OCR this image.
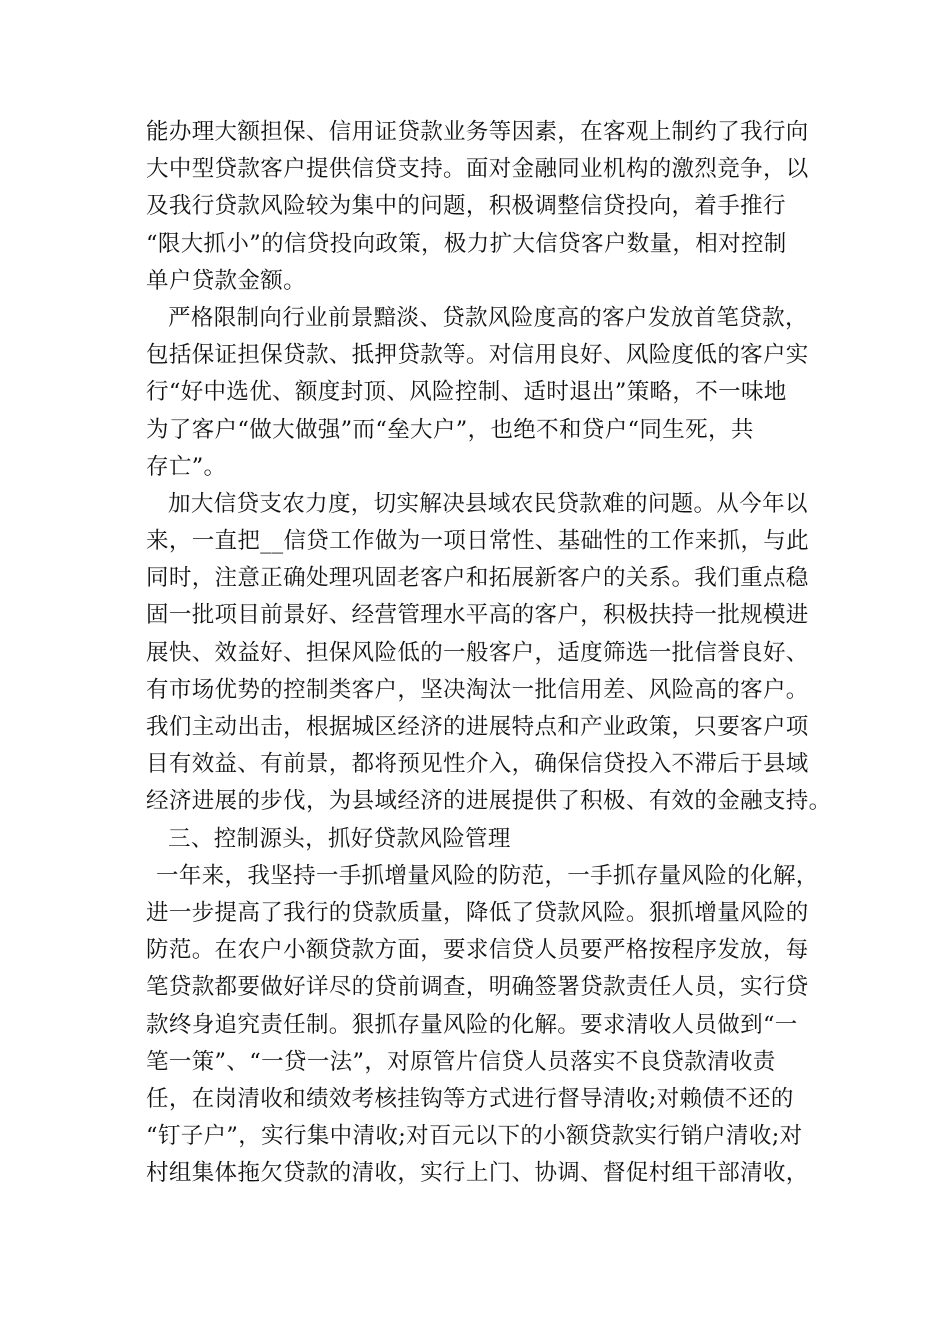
能办理大额担保、信用证贷款业务等因素，在客观上制约了我行向
大中型贷款客户提供信贷支持。面对金融同业机构的激烈竞争，以
及我行贷款风险较为集中的问题，积极调整信贷投向，着手推行
“限大抓小”的信贷投向政策，极力扩大信贷客户数量，相对控制
单户贷款金额。
严格限制向行业前景黯淡、贷款风险度高的客户发放首笔贷款，
包括保证担保贷款、抵押贷款等。对信用良好、风险度低的客户实
行“好中选优、额度封顶、风险控制、适时退出”策略，不一味地
为了客户“做大做强”而“垒大户”，也绝不和贷户“同生死，共
存亡”。
加大信贷支农力度，切实解决县域农民贷款难的问题。从今年以
来，一直把__信贷工作做为一项日常性、基础性的工作来抓，与此
同时，注意正确处理巩固老客户和拓展新客户的关系。我们重点稳
固一批项目前景好、经营管理水平高的客户，积极扶持一批规模进
展快、效益好、担保风险低的一般客户，适度筛选一批信誉良好、
有市场优势的控制类客户，坚决淘汰一批信用差、风险高的客户。
我们主动出击，根据城区经济的进展特点和产业政策，只要客户项
目有效益、有前景，都将预见性介入，确保信贷投入不滞后于县域
经济进展的步伐，为县域经济的进展提供了积极、有效的金融支持。
三、控制源头，抓好贷款风险管理
一年来，我坚持一手抓增量风险的防范，一手抓存量风险的化解，
进一步提高了我行的贷款质量，降低了贷款风险。狠抓增量风险的
防范。在农户小额贷款方面，要求信贷人员要严格按程序发放，每
笔贷款都要做好详尽的贷前调查，明确签署贷款责任人员，实行贷
款终身追究责任制。狠抓存量风险的化解。要求清收人员做到“一
笔一策”、“一贷一法”，对原管片信贷人员落实不良贷款清收责
任，在岗清收和绩效考核挂钩等方式进行督导清收;对赖债不还的
“钉子户”，实行集中清收;对百元以下的小额贷款实行销户清收;对
村组集体拖欠贷款的清收，实行上门、协调、督促村组干部清收，
